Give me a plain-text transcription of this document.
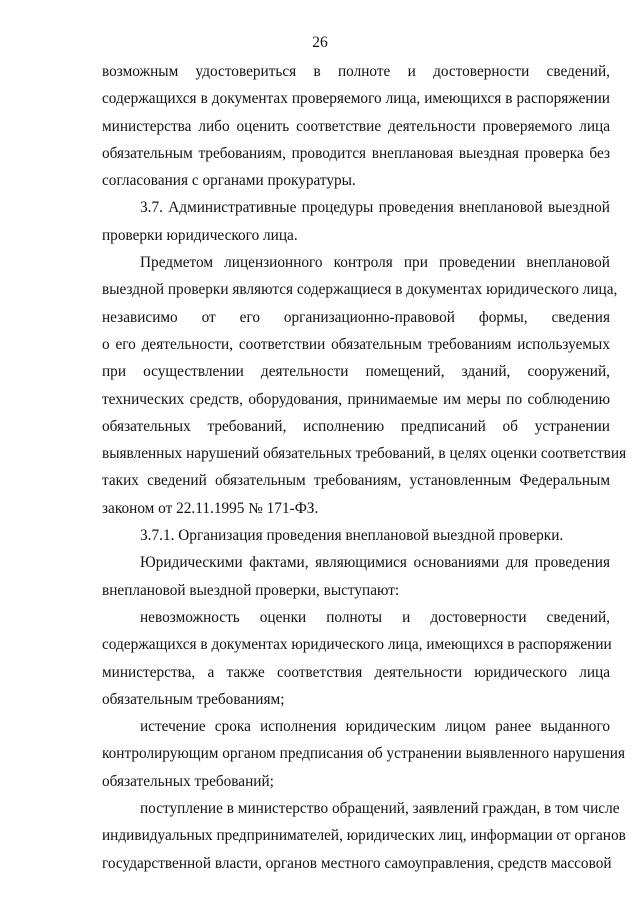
26

возможным удостовериться в полноте и достоверности сведений,
содержащихся в документах проверяемого лица, имеющихся в распоряжении
министерства либо оценить соответствие деятельности проверяемого лица
обязательным требованиям, проводится внеплановая выездная проверка без
согласования с органами прокуратуры.
3.7. Административные процедуры проведения внеплановой выездной
проверки юридического лица.
Предметом лицензионного контроля при проведении внеплановой
выездной проверки являются содержащиеся в документах юридического лица,
независимо от его организационно-правовой формы, сведения
о его деятельности, соответствии обязательным требованиям используемых
при осуществлении деятельности помещений, зданий, сооружений,
технических средств, оборудования, принимаемые им меры по соблюдению
обязательных требований, исполнению предписаний об устранении
выявленных нарушений обязательных требований, в целях оценки соответствия
таких сведений обязательным требованиям, установленным Федеральным
законом от 22.11.1995 № 171-ФЗ.
3.7.1. Организация проведения внеплановой выездной проверки.
Юридическими фактами, являющимися основаниями для проведения
внеплановой выездной проверки, выступают:
невозможность оценки полноты и достоверности сведений,
содержащихся в документах юридического лица, имеющихся в распоряжении
министерства, а также соответствия деятельности юридического лица
обязательным требованиям;
истечение срока исполнения юридическим лицом ранее выданного
контролирующим органом предписания об устранении выявленного нарушения
обязательных требований;
поступление в министерство обращений, заявлений граждан, в том числе
индивидуальных предпринимателей, юридических лиц, информации от органов
государственной власти, органов местного самоуправления, средств массовой
